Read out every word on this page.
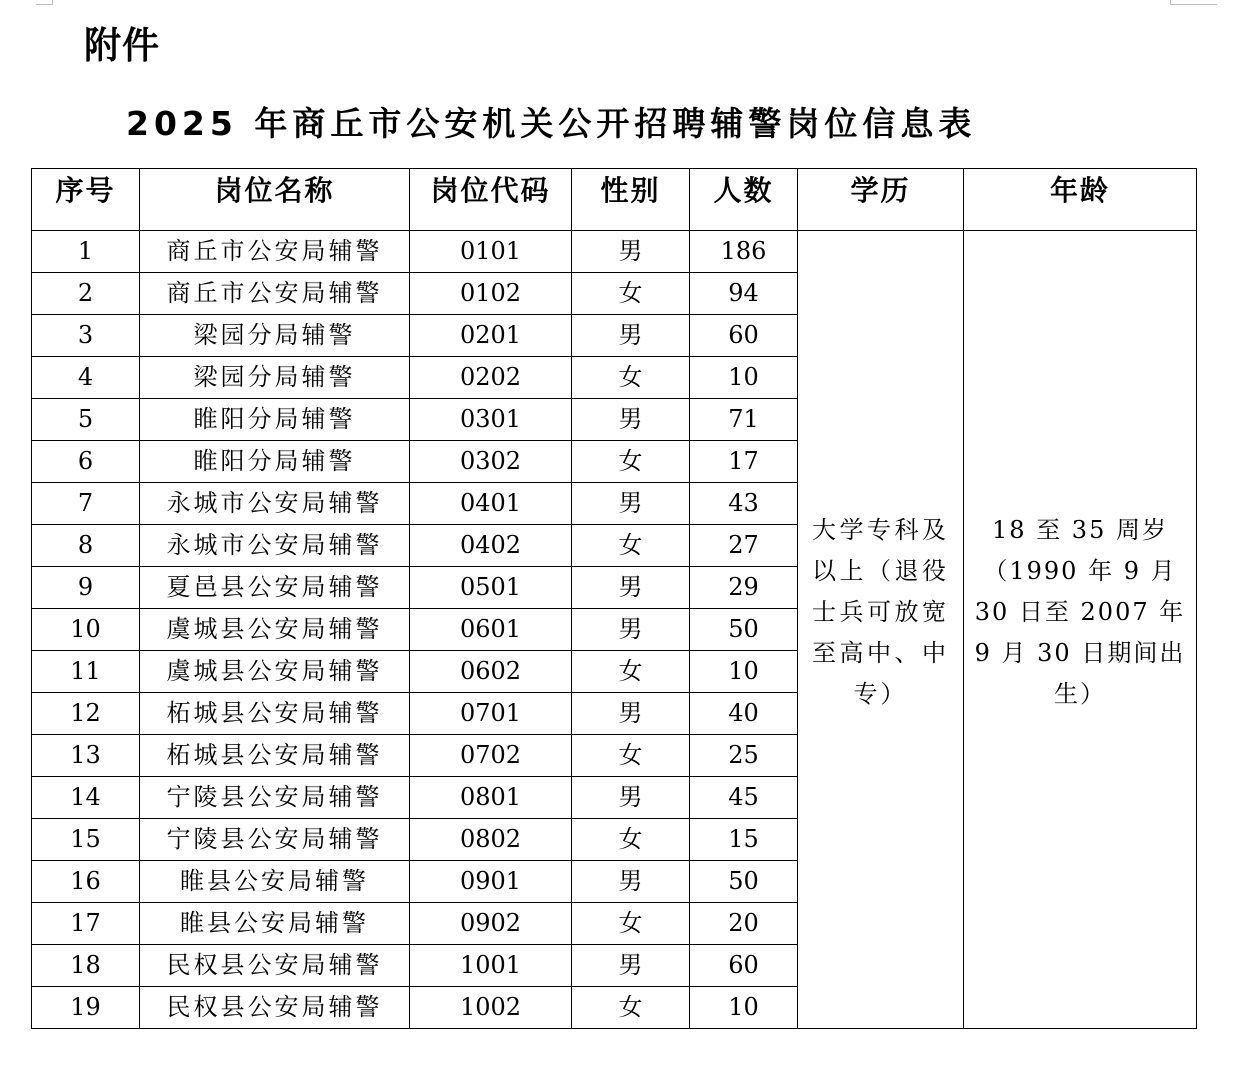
附件
2025 年商丘市公安机关公开招聘辅警岗位信息表
序号	岗位名称	岗位代码	性别	人数	学历	年龄
1	商丘市公安局辅警	0101	男	186	大学专科及以上（退役士兵可放宽至高中、中专）	18 至 35 周岁（1990 年 9 月 30 日至 2007 年 9 月 30 日期间出生）

2	商丘市公安局辅警	0102	女	94		
3	梁园分局辅警	0201	男	60		
4	梁园分局辅警	0202	女	10		
5	睢阳分局辅警	0301	男	71		
6	睢阳分局辅警	0302	女	17		
7	永城市公安局辅警	0401	男	43		
8	永城市公安局辅警	0402	女	27		
9	夏邑县公安局辅警	0501	男	29		
10	虞城县公安局辅警	0601	男	50		
11	虞城县公安局辅警	0602	女	10		
12	柘城县公安局辅警	0701	男	40		
13	柘城县公安局辅警	0702	女	25		
14	宁陵县公安局辅警	0801	男	45		
15	宁陵县公安局辅警	0802	女	15		
16	睢县公安局辅警	0901	男	50		
17	睢县公安局辅警	0902	女	20		
18	民权县公安局辅警	1001	男	60		
19	民权县公安局辅警	1002	女	10		
